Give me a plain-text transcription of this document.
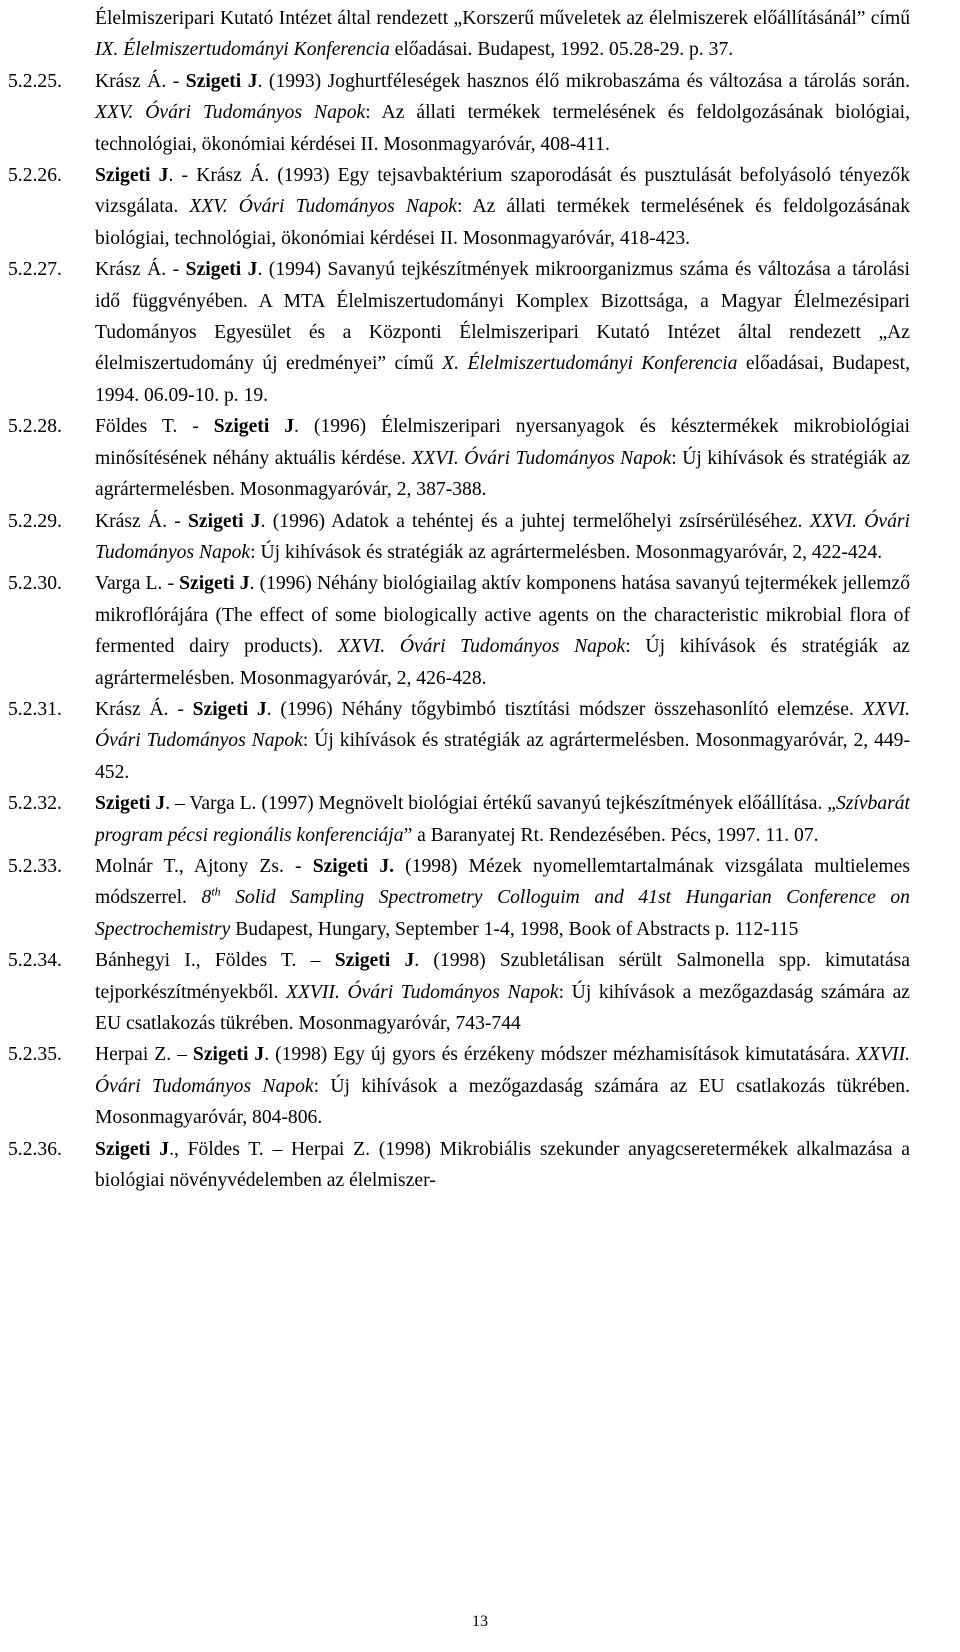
Élelmiszeripari Kutató Intézet által rendezett „Korszerű műveletek az élelmiszerek előállításánál” című IX. Élelmiszertudományi Konferencia előadásai. Budapest, 1992. 05.28-29. p. 37.
5.2.25. Krász Á. - Szigeti J. (1993) Joghurtféleségek hasznos élő mikrobaszáma és változása a tárolás során. XXV. Óvári Tudományos Napok: Az állati termékek termelésének és feldolgozásának biológiai, technológiai, ökonómiai kérdései II. Mosonmagyaróvár, 408-411.
5.2.26. Szigeti J. - Krász Á. (1993) Egy tejsavbaktérium szaporodását és pusztulását befolyásoló tényezők vizsgálata. XXV. Óvári Tudományos Napok: Az állati termékek termelésének és feldolgozásának biológiai, technológiai, ökonómiai kérdései II. Mosonmagyaróvár, 418-423.
5.2.27. Krász Á. - Szigeti J. (1994) Savanyú tejkészítmények mikroorganizmus száma és változása a tárolási idő függvényében. A MTA Élelmiszertudományi Komplex Bizottsága, a Magyar Élelmezésipari Tudományos Egyesület és a Központi Élelmiszeripari Kutató Intézet által rendezett „Az élelmiszertudomány új eredményei” című X. Élelmiszertudományi Konferencia előadásai, Budapest, 1994. 06.09-10. p. 19.
5.2.28. Földes T. - Szigeti J. (1996) Élelmiszeripari nyersanyagok és késztermékek mikrobiológiai minősítésének néhány aktuális kérdése. XXVI. Óvári Tudományos Napok: Új kihívások és stratégiák az agrártermelésben. Mosonmagyaróvár, 2, 387-388.
5.2.29. Krász Á. - Szigeti J. (1996) Adatok a tehéntej és a juhtej termelőhelyi zsírsérüléséhez. XXVI. Óvári Tudományos Napok: Új kihívások és stratégiák az agrártermelésben. Mosonmagyaróvár, 2, 422-424.
5.2.30. Varga L. - Szigeti J. (1996) Néhány biológiailag aktív komponens hatása savanyú tejtermékek jellemző mikroflórájára (The effect of some biologically active agents on the characteristic mikrobial flora of fermented dairy products). XXVI. Óvári Tudományos Napok: Új kihívások és stratégiák az agrártermelésben. Mosonmagyaróvár, 2, 426-428.
5.2.31. Krász Á. - Szigeti J. (1996) Néhány tőgybimbó tisztítási módszer összehasonlító elemzése. XXVI. Óvári Tudományos Napok: Új kihívások és stratégiák az agrártermelésben. Mosonmagyaróvár, 2, 449-452.
5.2.32. Szigeti J. – Varga L. (1997) Megnövelt biológiai értékű savanyú tejkészítmények előállítása. „Szívbarát program pécsi regionális konferenciája” a Baranyatej Rt. Rendezésében. Pécs, 1997. 11. 07.
5.2.33. Molnár T., Ajtony Zs. - Szigeti J. (1998) Mézek nyomellemtartalmának vizsgálata multielemes módszerrel. 8th Solid Sampling Spectrometry Colloguim and 41st Hungarian Conference on Spectrochemistry Budapest, Hungary, September 1-4, 1998, Book of Abstracts p. 112-115
5.2.34. Bánhegyi I., Földes T. – Szigeti J. (1998) Szubletálisan sérült Salmonella spp. kimutatása tejporkészítményekből. XXVII. Óvári Tudományos Napok: Új kihívások a mezőgazdaság számára az EU csatlakozás tükrében. Mosonmagyaróvár, 743-744
5.2.35. Herpai Z. – Szigeti J. (1998) Egy új gyors és érzékeny módszer mézhamisítások kimutatására. XXVII. Óvári Tudományos Napok: Új kihívások a mezőgazdaság számára az EU csatlakozás tükrében. Mosonmagyaróvár, 804-806.
5.2.36. Szigeti J., Földes T. – Herpai Z. (1998) Mikrobiális szekunder anyagcseretermékek alkalmazása a biológiai növényvédelemben az élelmiszer-
13
